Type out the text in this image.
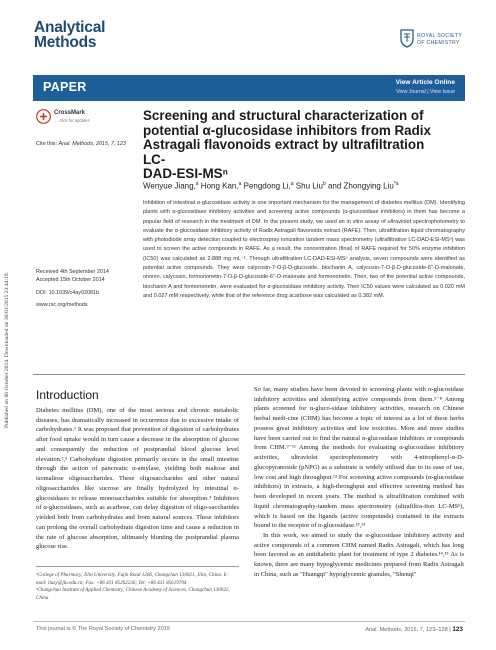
Published on 06 October 2014. Downloaded on 30/01/2015 23:44:19.
Analytical
Methods	ROYAL SOCIETY
OF CHEMISTRY
PAPER	View Article Online
View Journal | View Issue
CrossMark
← click for updates
Cite this: Anal. Methods, 2015, 7, 123
Screening and structural characterization of
potential α-glucosidase inhibitors from Radix
Astragali flavonoids extract by ultrafiltration LC-
DAD-ESI-MSⁿ
Wenyue Jiang,$^a$ Hong Kan,$^a$ Pengdong Li,$^a$ Shu Liu$^b$ and Zhongying Liu$^{*a}$
Inhibition of intestinal α-glucosidase activity is one important mechanism for the management of diabetes mellitus (DM). Identifying plants with α-glucosidase inhibitory activities and screening active compounds (α-glucosidase inhibitors) in them has become a popular field of research in the treatment of DM. In the present study, we used an in vitro assay of ultraviolet spectrophotometry to evaluate the α-glucosidase inhibitory activity of Radix Astragali flavonoids extract (RAFE). Then, ultrafiltration liquid chromatography with photodiode array detection coupled to electrospray ionization tandem mass spectrometry (ultrafiltration LC-DAD-ESI-MSⁿ) was used to screen the active compounds in RAFE. As a result, the concentration (final) of RAFE required for 50% enzyme inhibition (IC50) was calculated as 2.888 mg mL⁻¹. Through ultrafiltration LC-DAD-ESI-MSⁿ analysis, seven compounds were identified as potential active compounds. They were calycosin-7-O-β-D-glucoside, biochanin A, calycosin-7-O-β-D-glucoside-6″-O-malonate, ononin, calycosin, formononetin-7-O-β-D-glucoside-6″-O-malonate and formononetin. Then, two of the potential active compounds, biochanin A and formononetin, were evaluated for α-glucosidase inhibitory activity. Their IC50 values were calculated as 0.020 mM and 0.027 mM respectively, while that of the reference drug acarbose was calculated as 0.382 mM.
Received 4th September 2014
Accepted 15th October 2014
DOI: 10.1039/c4ay02081b
www.rsc.org/methods
Introduction

Diabetes mellitus (DM), one of the most serious and chronic metabolic diseases, has dramatically increased in occurrence due to excessive intake of carbohydrates.¹ It was proposed that prevention of digestion of carbohydrates after food uptake would in turn cause a decrease in the absorption of glucose and consequently the reduction of postprandial blood glucose level elevation.²,³ Carbohydrate digestion primarily occurs in the small intestine through the action of pancreatic α-amylase, yielding both maltose and isomaltose oligosaccharides. These oligosaccharides and other natural oligosaccharides like sucrose are finally hydrolyzed by intestinal α-glucosidases to release monosaccharides suitable for absorption.⁴ Inhibitors of α-glucosidases, such as acarbose, can delay digestion of oligo-saccharides yielded both from carbohydrates and from natural sources. These inhibitors can prolong the overall carbohydrate digestion time and cause a reduction in the rate of glucose absorption, ultimately blunting the postprandial plasma glucose rise.

So far, many studies have been devoted to screening plants with α-glucosidase inhibitory activities and identifying active compounds from them.⁵⁻⁸ Among plants screened for α-gluco-sidase inhibitory activities, research on Chinese herbal medi-cine (CHM) has become a topic of interest as a lot of these herbs possess great inhibitory activities and low toxicities. More and more studies have been carried out to find the natural α-glucosidase inhibitors or compounds from CHM.⁹⁻¹¹ Among the methods for evaluating α-glucosidase inhibitory activities, ultraviolet spectrophotometry with 4-nitrophenyl-α-D-glucopyranoside (pNPG) as a substrate is widely utilised due to its ease of use, low cost and high throughput.¹² For screening active compounds (α-glucosidase inhibitors) in extracts, a high-throughput and effective screening method has been developed in recent years. The method is ultrafiltration combined with liquid chromatography-tandem mass spectrometry (ultrafiltra-tion LC-MSⁿ), which is based on the ligands (active compounds) contained in the extracts bound to the receptor of α-glucosidase.¹³,¹³

In this work, we aimed to study the α-glucosidase inhibitory activity and active compounds of a common CHM named Radix Astragali, which has long been favored as an antidiabetic plant for treatment of type 2 diabetes.¹⁴,¹⁵ As is known, there are many hypoglycemic medicines prepared from Radix Astragali in China, such as "Huangqi" hypoglycemic granules, "Shenqi"

ᵃCollege of Pharmacy, Jilin University, Fujin Road 1266, Changchun 130021, Jilin, China. E-mail: liuzy@jlu.edu.cn; Fax: +86 431 85262236; Tel: +86 431 85619704
ᵇChangchun Institute of Applied Chemistry, Chinese Academy of Sciences, Changchun 130022, China
This journal is © The Royal Society of Chemistry 2015	Anal. Methods, 2015, 7, 123–128 | 123
